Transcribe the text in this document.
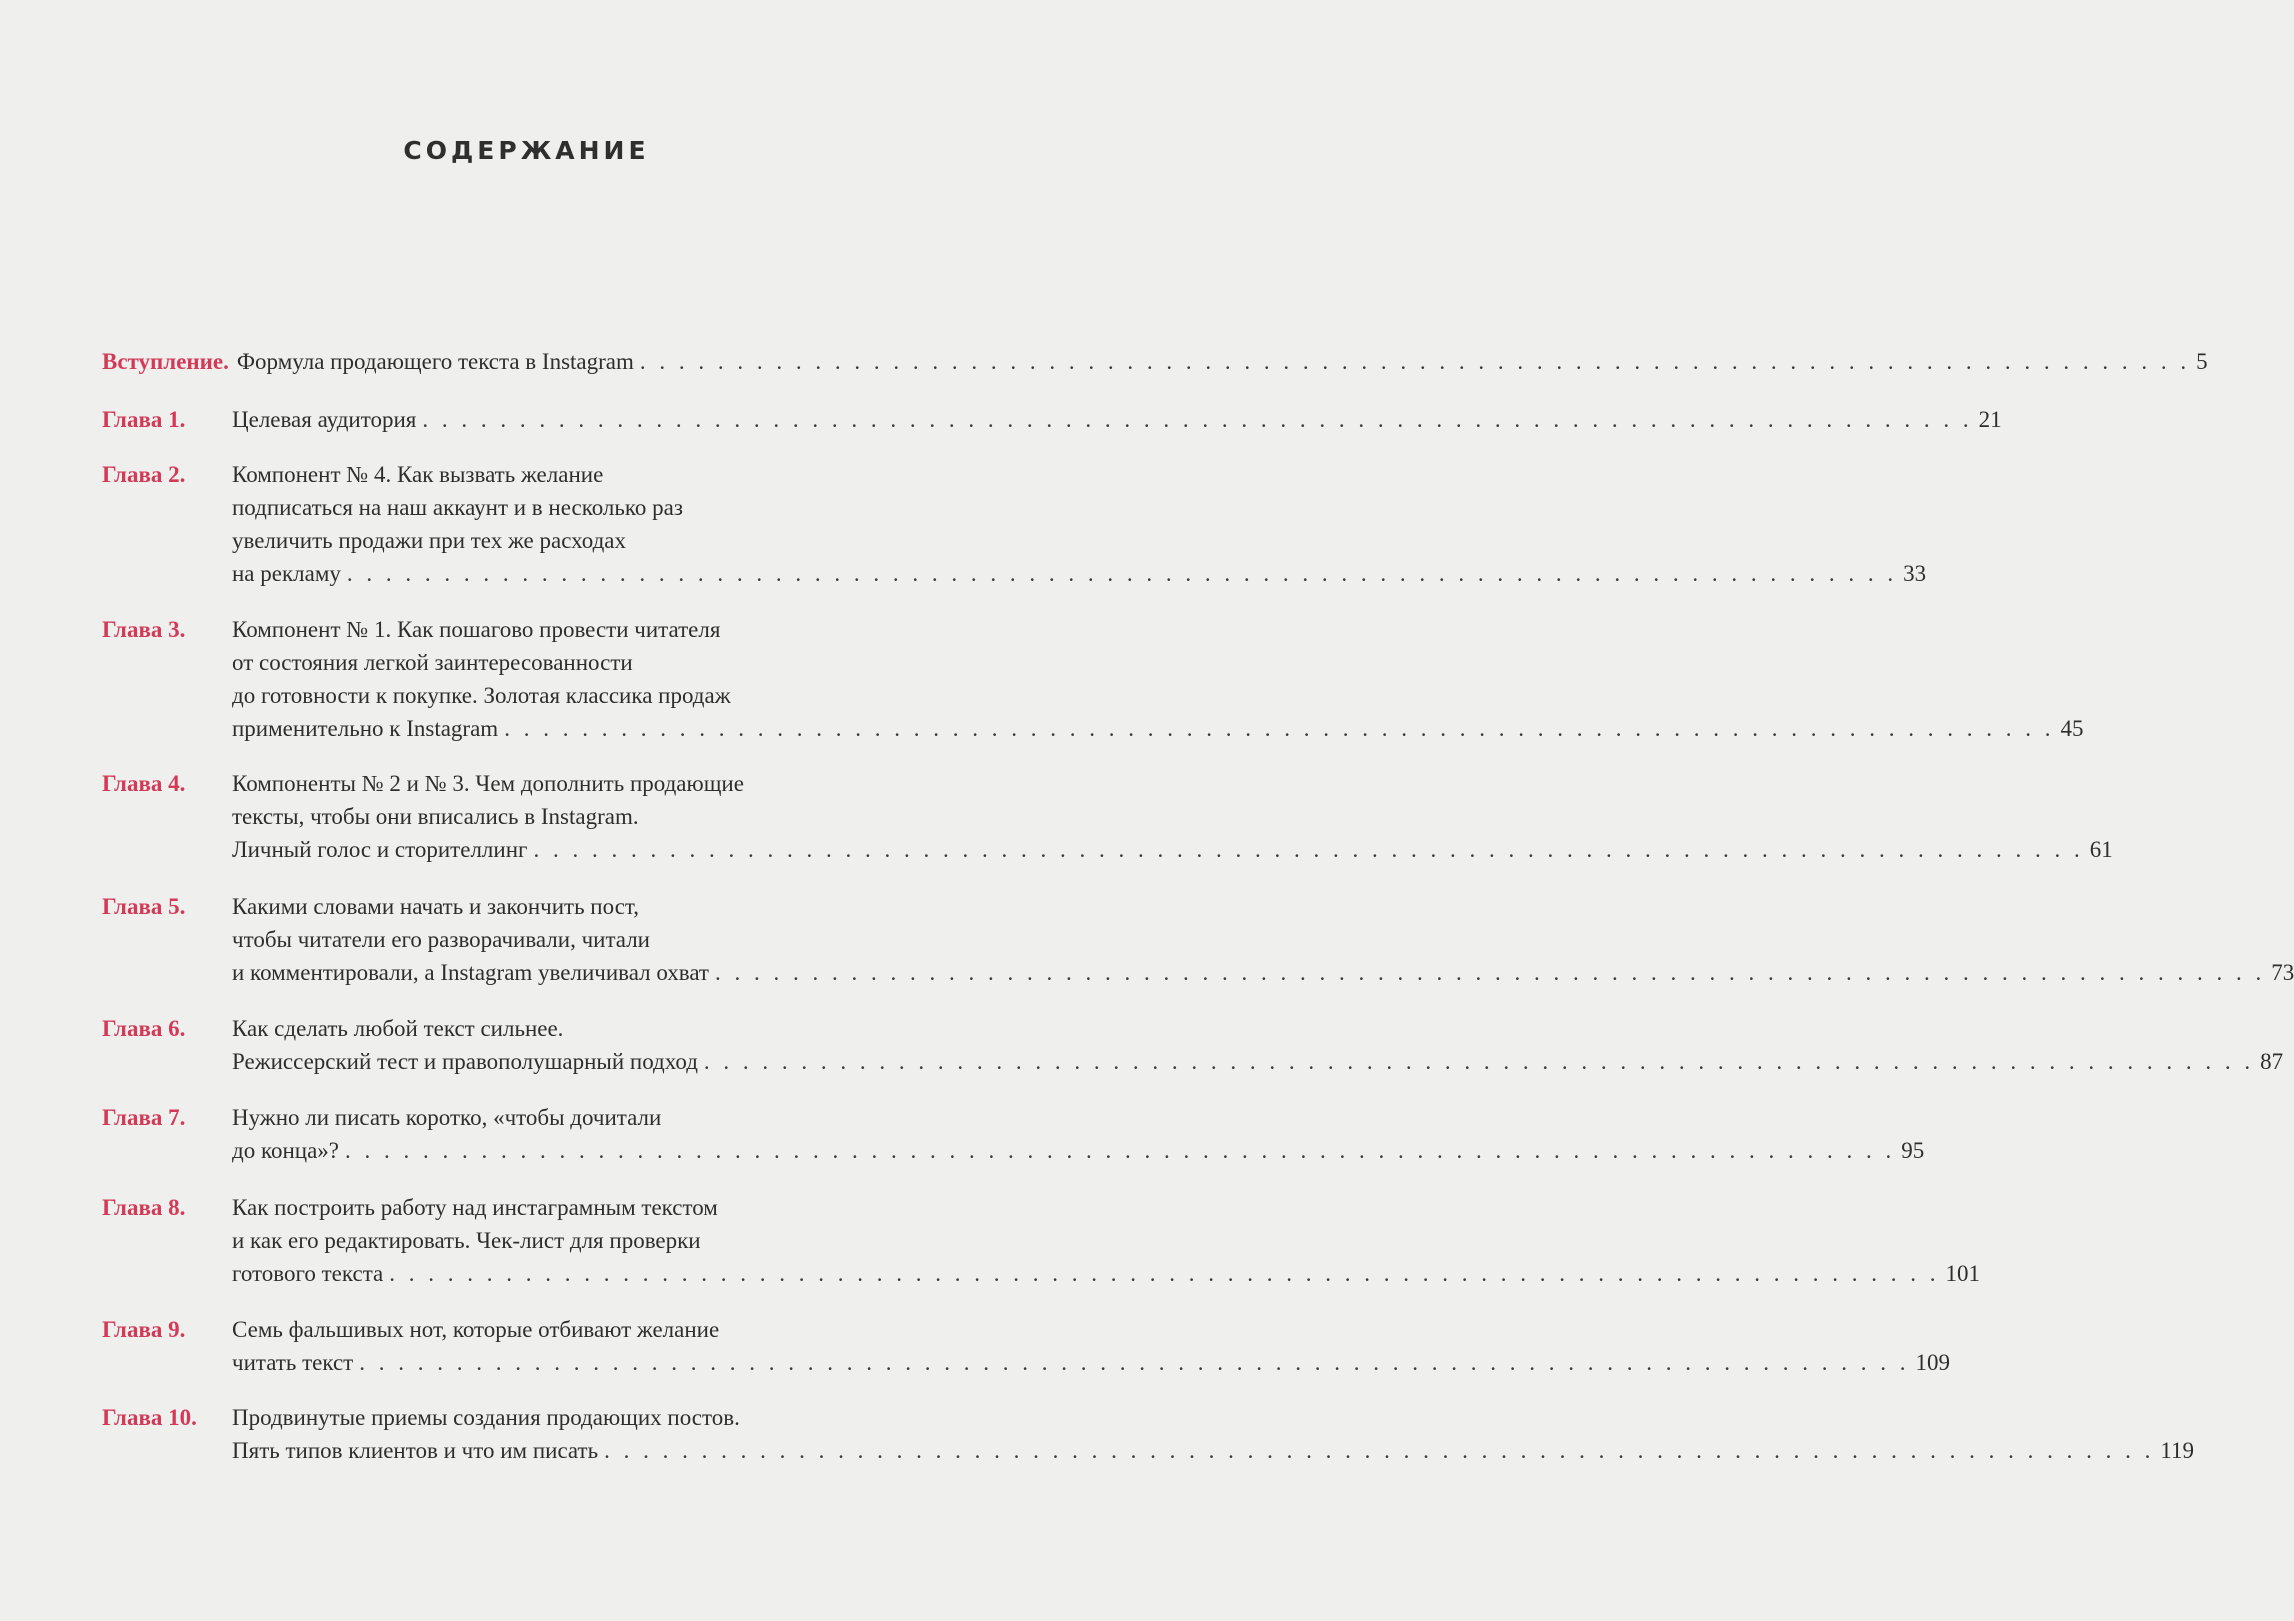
СОДЕРЖАНИЕ
Вступление. Формула продающего текста в Instagram . . . . . . . . . . . . . . . . . . . . . . . . . . . . . . . . . . . . . . . . . . . . . . . . . . . . . . . . . . . . . . . . . . . . . . . . . . . . . . . . 5
Глава 1. Целевая аудитория . . . . . . . . . . . . . . . . . . . . . . . . . . . . . . . . . . . . . . . . . . . . . . . . . . . . . . . . . . . . . . . . . . . . . . . . . . . . . . . . 21
Глава 2. Компонент № 4. Как вызвать желание
подписаться на наш аккаунт и в несколько раз
увеличить продажи при тех же расходах
на рекламу . . . . . . . . . . . . . . . . . . . . . . . . . . . . . . . . . . . . . . . . . . . . . . . . . . . . . . . . . . . . . . . . . . . . . . . . . . . . . . . . 33
Глава 3. Компонент № 1. Как пошагово провести читателя
от состояния легкой заинтересованности
до готовности к покупке. Золотая классика продаж
применительно к Instagram . . . . . . . . . . . . . . . . . . . . . . . . . . . . . . . . . . . . . . . . . . . . . . . . . . . . . . . . . . . . . . . . . . . . . . . . . . . . . . . . 45
Глава 4. Компоненты № 2 и № 3. Чем дополнить продающие
тексты, чтобы они вписались в Instagram.
Личный голос и сторителлинг . . . . . . . . . . . . . . . . . . . . . . . . . . . . . . . . . . . . . . . . . . . . . . . . . . . . . . . . . . . . . . . . . . . . . . . . . . . . . . . . 61
Глава 5. Какими словами начать и закончить пост,
чтобы читатели его разворачивали, читали
и комментировали, а Instagram увеличивал охват . . . . . . . . . . . . . . . . . . . . . . . . . . . . . . . . . . . . . . . . . . . . . . . . . . . . . . . . . . . . . . . . . . . . . . . . . . . . . . . . 73
Глава 6. Как сделать любой текст сильнее.
Режиссерский тест и правополушарный подход . . . . . . . . . . . . . . . . . . . . . . . . . . . . . . . . . . . . . . . . . . . . . . . . . . . . . . . . . . . . . . . . . . . . . . . . . . . . . . . . 87
Глава 7. Нужно ли писать коротко, «чтобы дочитали
до конца»? . . . . . . . . . . . . . . . . . . . . . . . . . . . . . . . . . . . . . . . . . . . . . . . . . . . . . . . . . . . . . . . . . . . . . . . . . . . . . . . . 95
Глава 8. Как построить работу над инстаграмным текстом
и как его редактировать. Чек-лист для проверки
готового текста . . . . . . . . . . . . . . . . . . . . . . . . . . . . . . . . . . . . . . . . . . . . . . . . . . . . . . . . . . . . . . . . . . . . . . . . . . . . . . . . 101
Глава 9. Семь фальшивых нот, которые отбивают желание
читать текст . . . . . . . . . . . . . . . . . . . . . . . . . . . . . . . . . . . . . . . . . . . . . . . . . . . . . . . . . . . . . . . . . . . . . . . . . . . . . . . . 109
Глава 10. Продвинутые приемы создания продающих постов.
Пять типов клиентов и что им писать . . . . . . . . . . . . . . . . . . . . . . . . . . . . . . . . . . . . . . . . . . . . . . . . . . . . . . . . . . . . . . . . . . . . . . . . . . . . . . . . 119
